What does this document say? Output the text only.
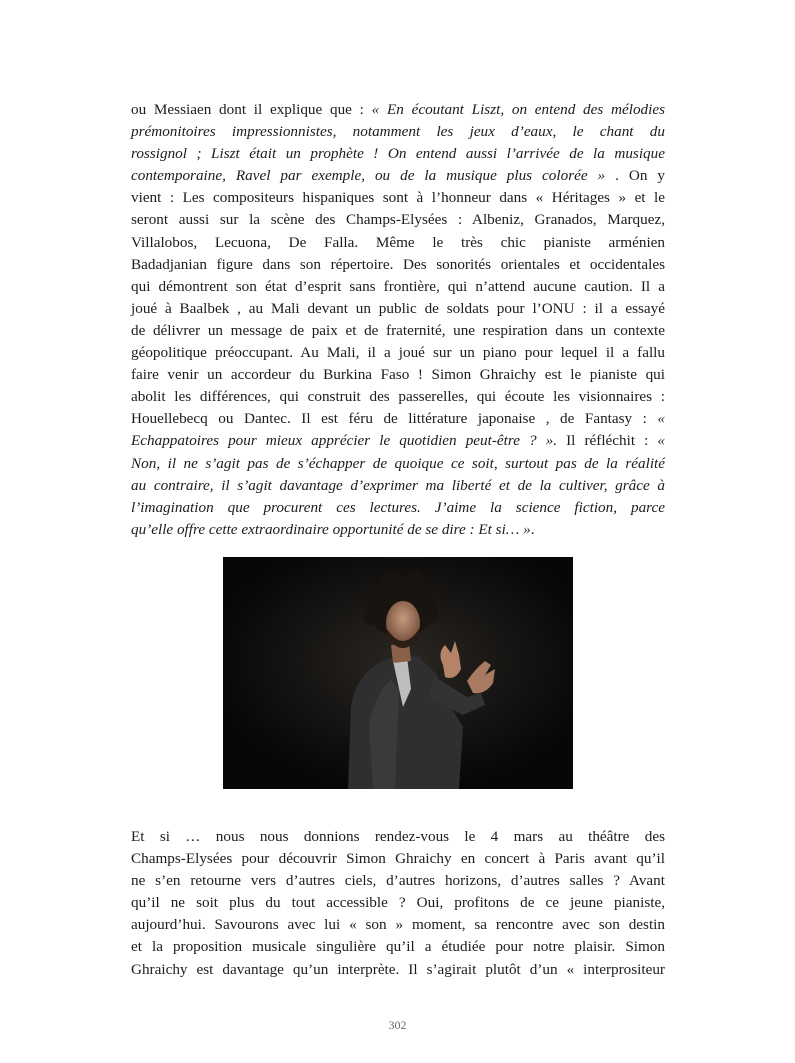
ou Messiaen dont il explique que : « En écoutant Liszt, on entend des mélodies
prémonitoires impressionnistes, notamment les jeux d’eaux, le chant du
rossignol ; Liszt était un prophète ! On entend aussi l’arrivée de la musique
contemporaine, Ravel par exemple, ou de la musique plus colorée » . On y
vient : Les compositeurs hispaniques sont à l’honneur dans « Héritages » et le
seront aussi sur la scène des Champs-Elysées : Albeniz, Granados, Marquez,
Villalobos, Lecuona, De Falla. Même le très chic pianiste arménien
Badadjanian figure dans son répertoire. Des sonorités orientales et occidentales
qui démontrent son état d’esprit sans frontière, qui n’attend aucune caution. Il a
joué à Baalbek , au Mali devant un public de soldats pour l’ONU : il a essayé
de délivrer un message de paix et de fraternité, une respiration dans un contexte
géopolitique préoccupant. Au Mali, il a joué sur un piano pour lequel il a fallu
faire venir un accordeur du Burkina Faso ! Simon Ghraichy est le pianiste qui
abolit les différences, qui construit des passerelles, qui écoute les visionnaires :
Houellebecq ou Dantec. Il est féru de littérature japonaise , de Fantasy : «
Echappatoires pour mieux apprécier le quotidien peut-être ? ». Il réfléchit : «
Non, il ne s’agit pas de s’échapper de quoique ce soit, surtout pas de la réalité
au contraire, il s’agit davantage d’exprimer ma liberté et de la cultiver, grâce à
l’imagination que procurent ces lectures. J’aime la science fiction, parce
qu’elle offre cette extraordinaire opportunité de se dire : Et si… ».

Et si … nous nous donnions rendez-vous le 4 mars au théâtre des
Champs-Elysées pour découvrir Simon Ghraichy en concert à Paris avant qu’il
ne s’en retourne vers d’autres ciels, d’autres horizons, d’autres salles ? Avant
qu’il ne soit plus du tout accessible ? Oui, profitons de ce jeune pianiste,
aujourd’hui. Savourons avec lui « son » moment, sa rencontre avec son destin
et la proposition musicale singulière qu’il a étudiée pour notre plaisir. Simon
Ghraichy est davantage qu’un interprète. Il s’agirait plutôt d’un « interprositeur

302
